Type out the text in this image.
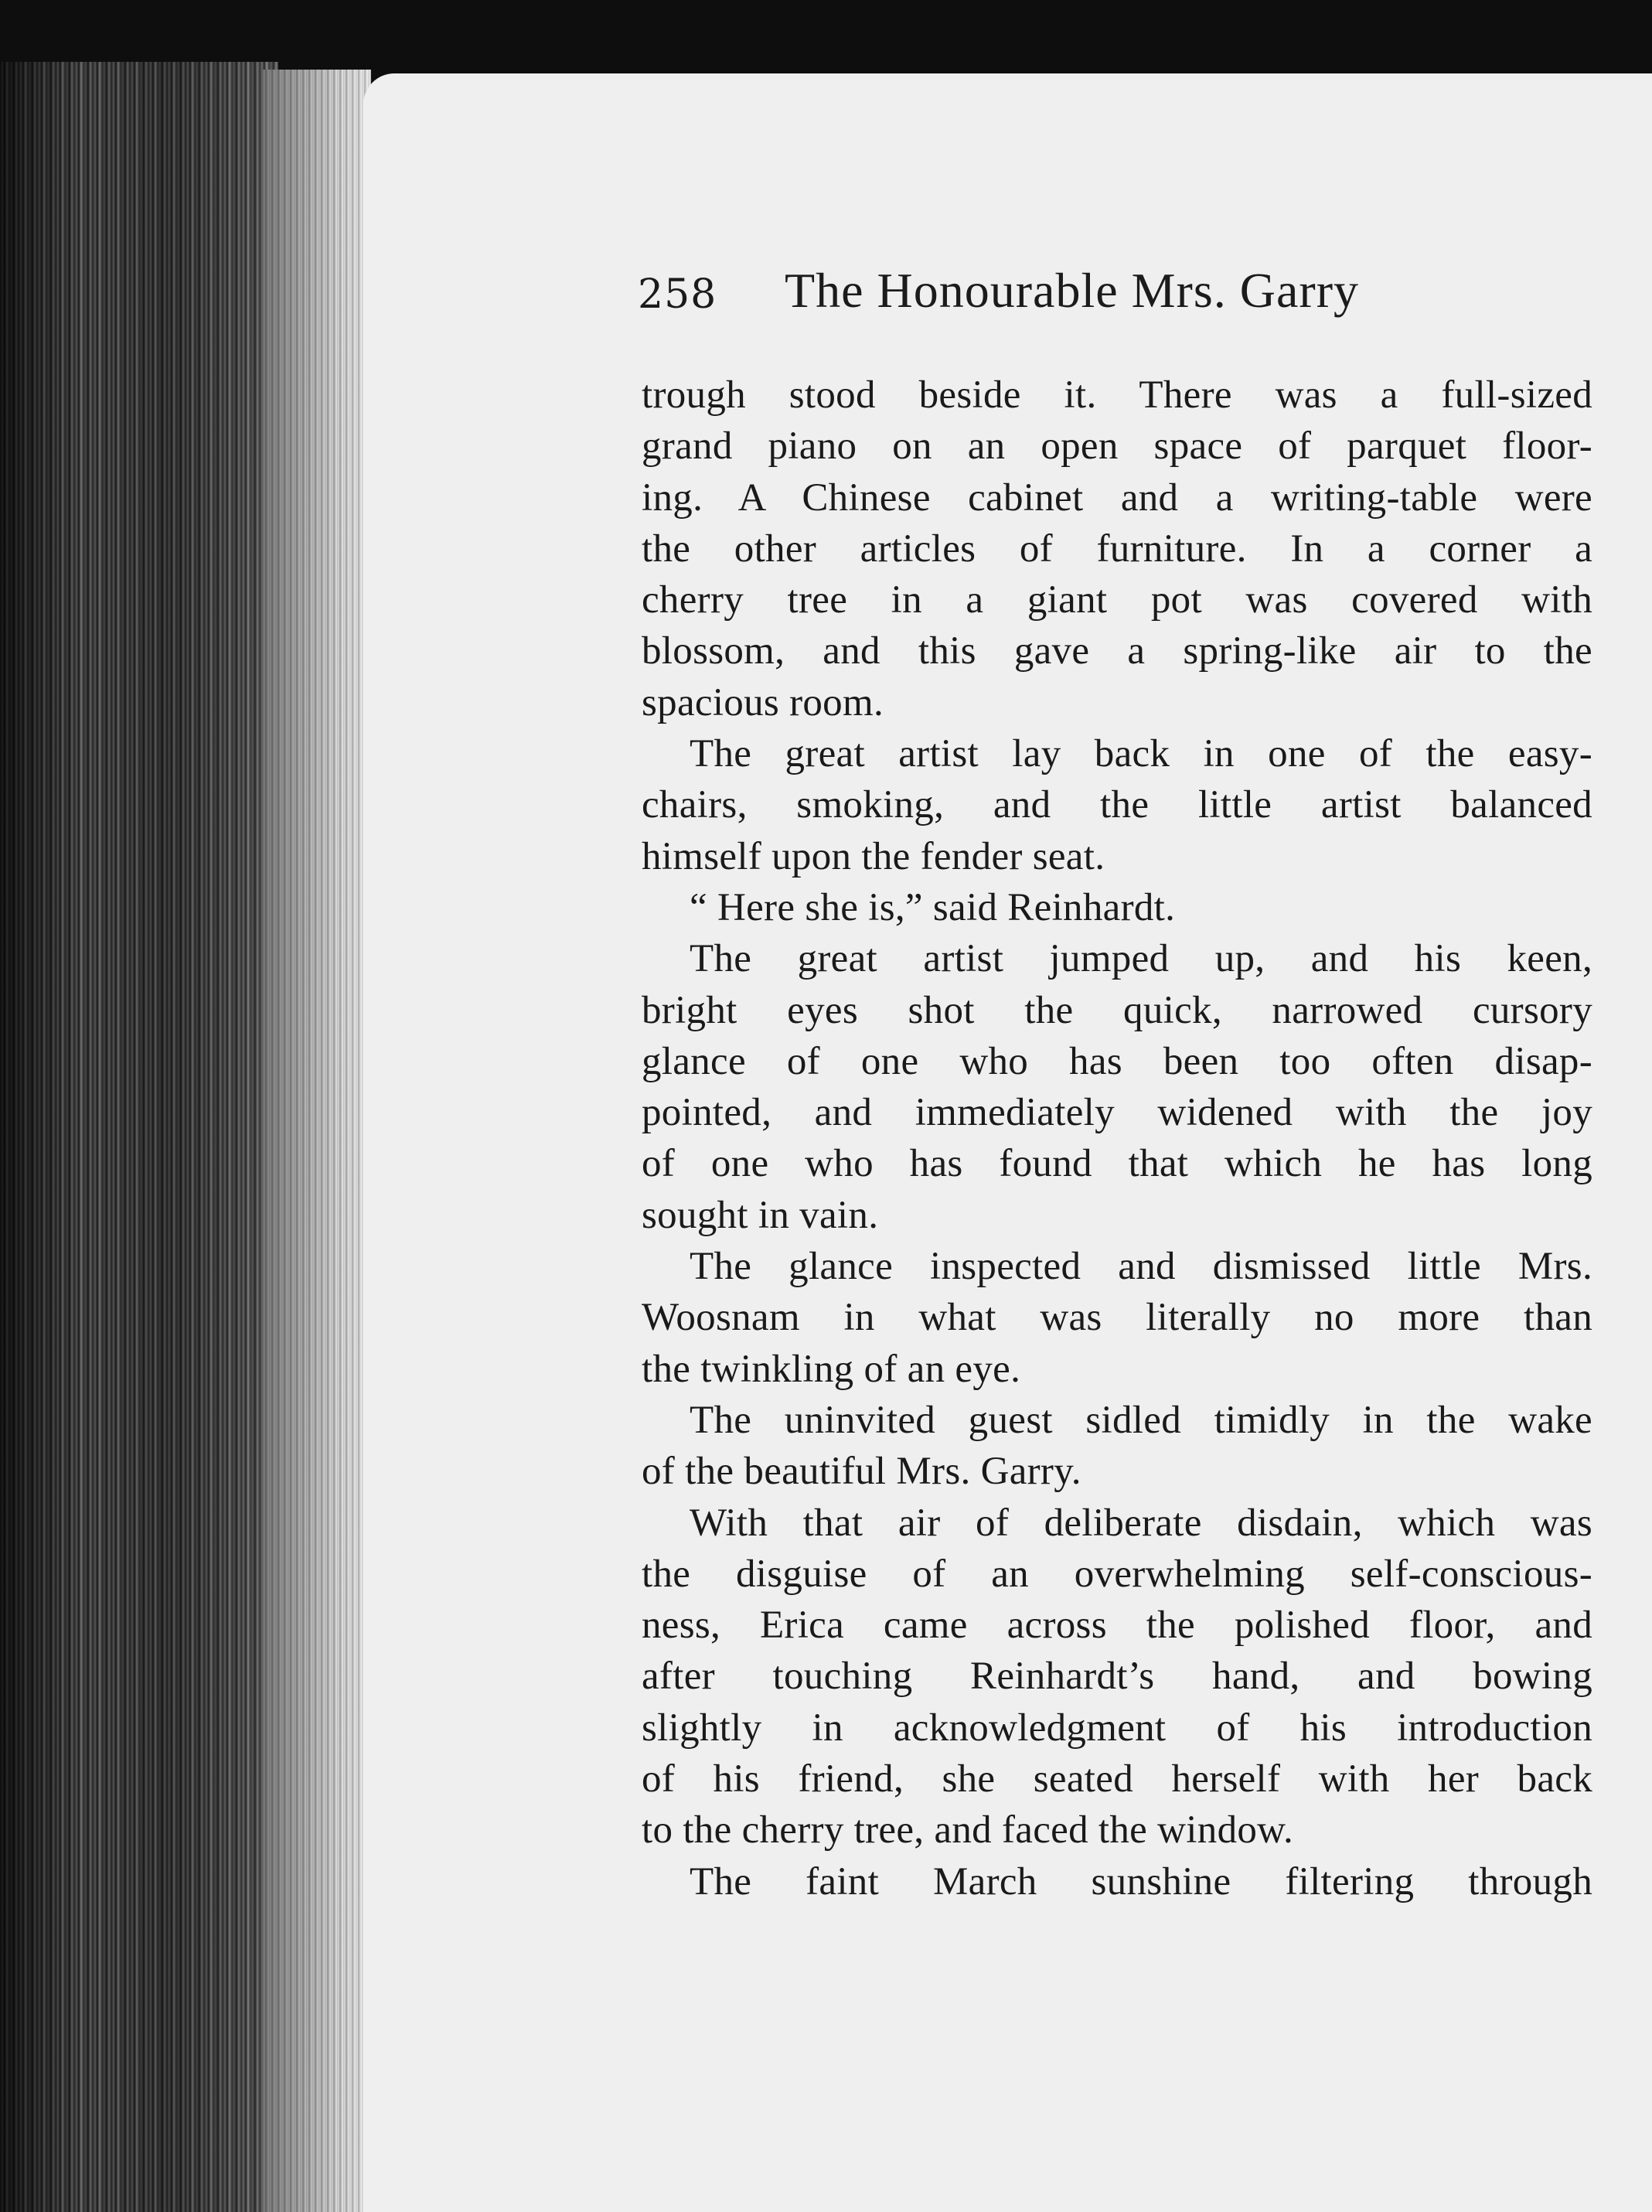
258 The Honourable Mrs. Garry
trough stood beside it. There was a full-sized
grand piano on an open space of parquet floor-
ing. A Chinese cabinet and a writing-table were
the other articles of furniture. In a corner a
cherry tree in a giant pot was covered with
blossom, and this gave a spring-like air to the
spacious room.
The great artist lay back in one of the easy-
chairs, smoking, and the little artist balanced
himself upon the fender seat.
“ Here she is,” said Reinhardt.
The great artist jumped up, and his keen,
bright eyes shot the quick, narrowed cursory
glance of one who has been too often disap-
pointed, and immediately widened with the joy
of one who has found that which he has long
sought in vain.
The glance inspected and dismissed little Mrs.
Woosnam in what was literally no more than
the twinkling of an eye.
The uninvited guest sidled timidly in the wake
of the beautiful Mrs. Garry.
With that air of deliberate disdain, which was
the disguise of an overwhelming self-conscious-
ness, Erica came across the polished floor, and
after touching Reinhardt’s hand, and bowing
slightly in acknowledgment of his introduction
of his friend, she seated herself with her back
to the cherry tree, and faced the window.
The faint March sunshine filtering through
